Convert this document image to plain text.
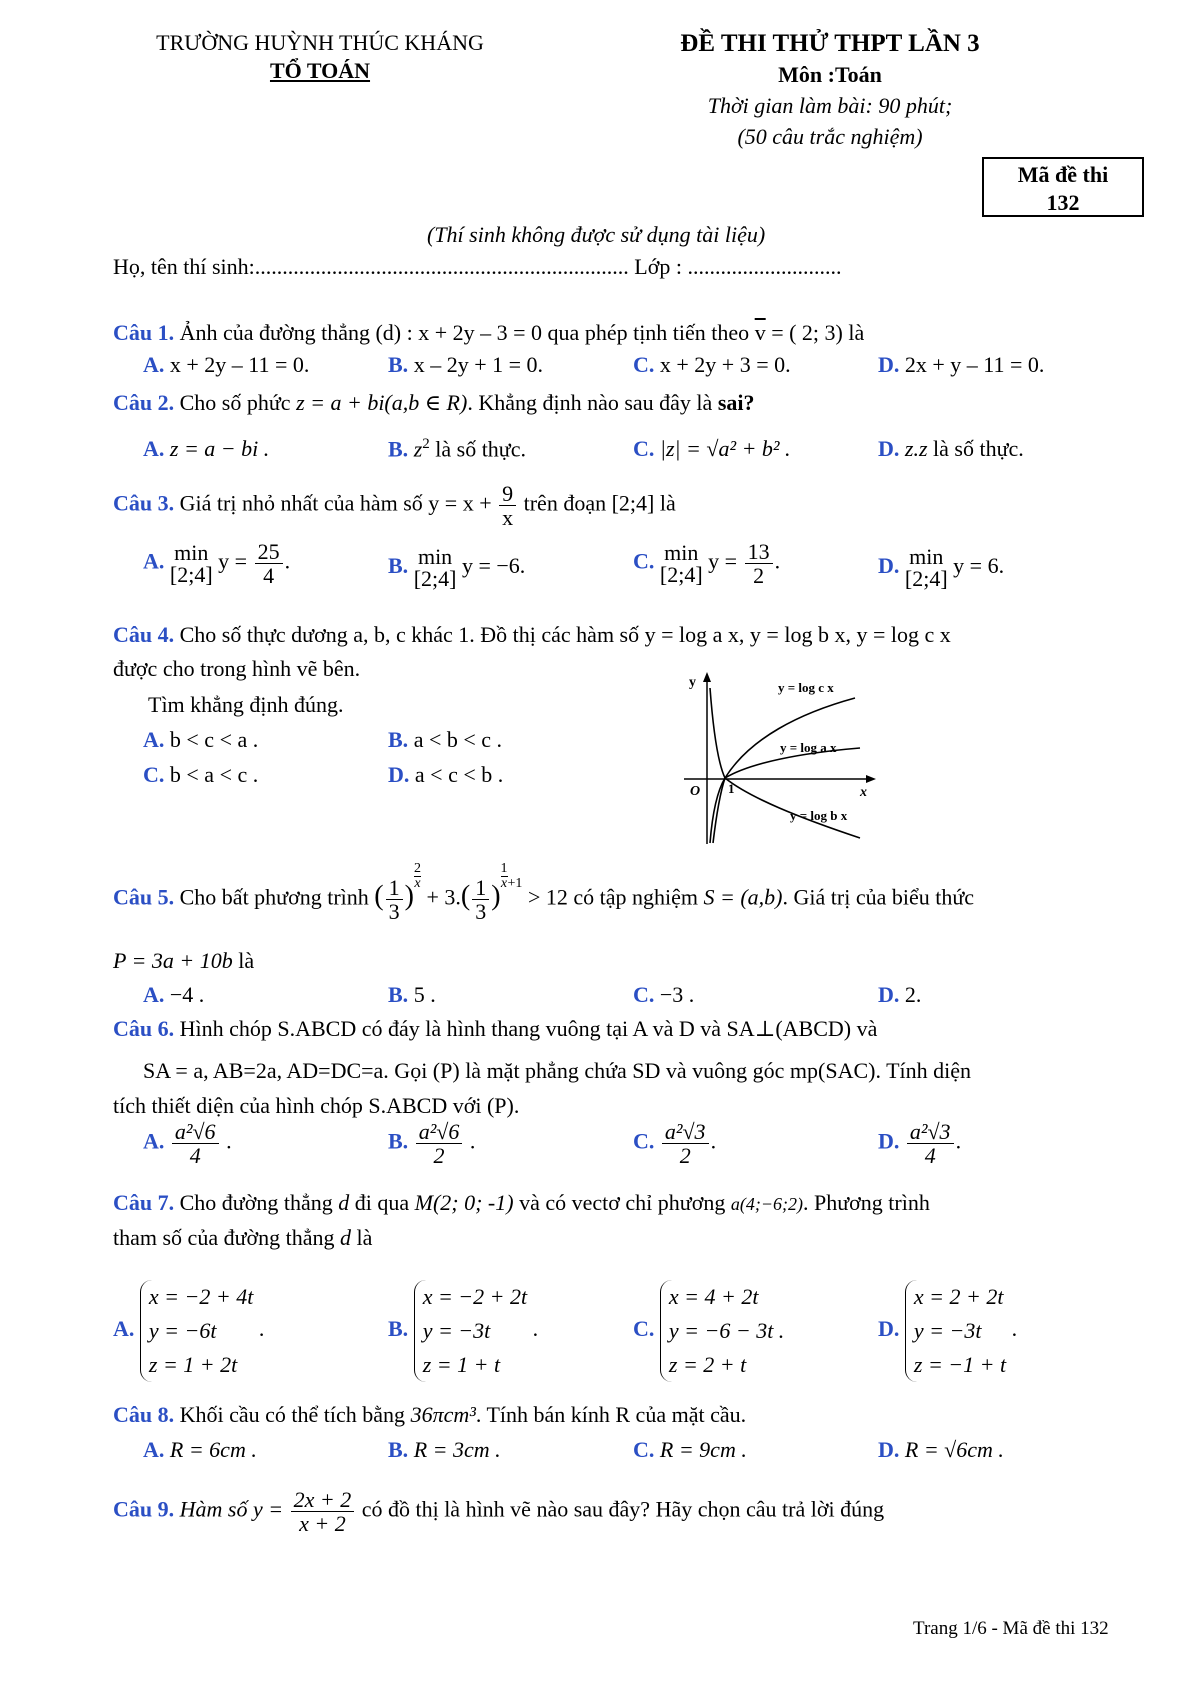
TRƯỜNG HUỲNH THÚC KHÁNG
TỔ TOÁN
ĐỀ THI THỬ THPT LẦN 3
Môn :Toán
Thời gian làm bài: 90 phút;
(50 câu trắc nghiệm)
Mã đề thi
132
(Thí sinh không được sử dụng tài liệu)
Họ, tên thí sinh:.................................................................... Lớp : ............................
Câu 1. Ảnh của đường thẳng (d) : x + 2y – 3 = 0 qua phép tịnh tiến theo $\overline{v}$ = ( 2; 3) là
A. x + 2y – 11 = 0.	B. x – 2y + 1 = 0.	C. x + 2y + 3 = 0.	D. 2x + y – 11 = 0.
Câu 2. Cho số phức z = a + bi(a,b ∈ R). Khẳng định nào sau đây là sai?
A. z = a − bi .	B. $z^2$ là số thực.	C. |z| = √a² + b² .	D. z.z là số thực.
Câu 3. Giá trị nhỏ nhất của hàm số $y = x + \frac{9}{x}$ trên đoạn [2;4] là
A. min
[2;4] $y = \frac{25}{4}$ .	B. min
[2;4] y = −6.	C. min
[2;4] $y = \frac{13}{2}$ .	D. min
[2;4] y = 6.
Câu 4. Cho số thực dương a, b, c khác 1. Đồ thị các hàm số y = log a x, y = log b x, y = log c x
được cho trong hình vẽ bên.
Tìm khẳng định đúng.
A. b < c < a .	B. a < b < c .
C. b < a < c .	D. a < c < b .
y
x
O 1
y = log c x
y = log a x
y = log b x
Câu 5. Cho bất phương trình ( $\frac{1}{3}$ )
$\frac{2}{x}$
+ $3.( \frac{1}{3}$ )
$\frac{1}{x} +1 > 12$ có tập nghiệm S = (a,b). Giá trị của biểu thức
P = 3a + 10b là
A. −4 .	B. 5 .	C. −3 .	D. 2.
Câu 6. Hình chóp S.ABCD có đáy là hình thang vuông tại A và D và SA⊥(ABCD) và
SA = a, AB=2a, AD=DC=a. Gọi (P) là mặt phẳng chứa SD và vuông góc mp(SAC). Tính diện
tích thiết diện của hình chóp S.ABCD với (P).
A. $\frac{\text{a²√6}}{4}$ .	B. $\frac{\text{a²√6}}{2}$ .	C. $\frac{\text{a²√3}}{2}$ .	D. $\frac{\text{a²√3}}{4}$ .
Câu 7. Cho đường thẳng d đi qua M(2; 0; -1) và có vectơ chỉ phương a(4;−6;2). Phương trình
tham số của đường thẳng d là
A.
x = −2 + 4t
y = −6t
z = 1 + 2t
.	B.
x = −2 + 2t
y = −3t
z = 1 + t
.	C.
x = 4 + 2t
y = −6 − 3t .
z = 2 + t
D.
x = 2 + 2t
y = −3t
z = −1 + t
.
Câu 8. Khối cầu có thể tích bằng 36πcm³. Tính bán kính R của mặt cầu.
A. R = 6cm .	B. R = 3cm .	C. R = 9cm .	D. R = √6cm .
Câu 9. Hàm số $y = \frac{2x + 2}{x + 2}$ có đồ thị là hình vẽ nào sau đây? Hãy chọn câu trả lời đúng
Trang 1/6 - Mã đề thi 132
